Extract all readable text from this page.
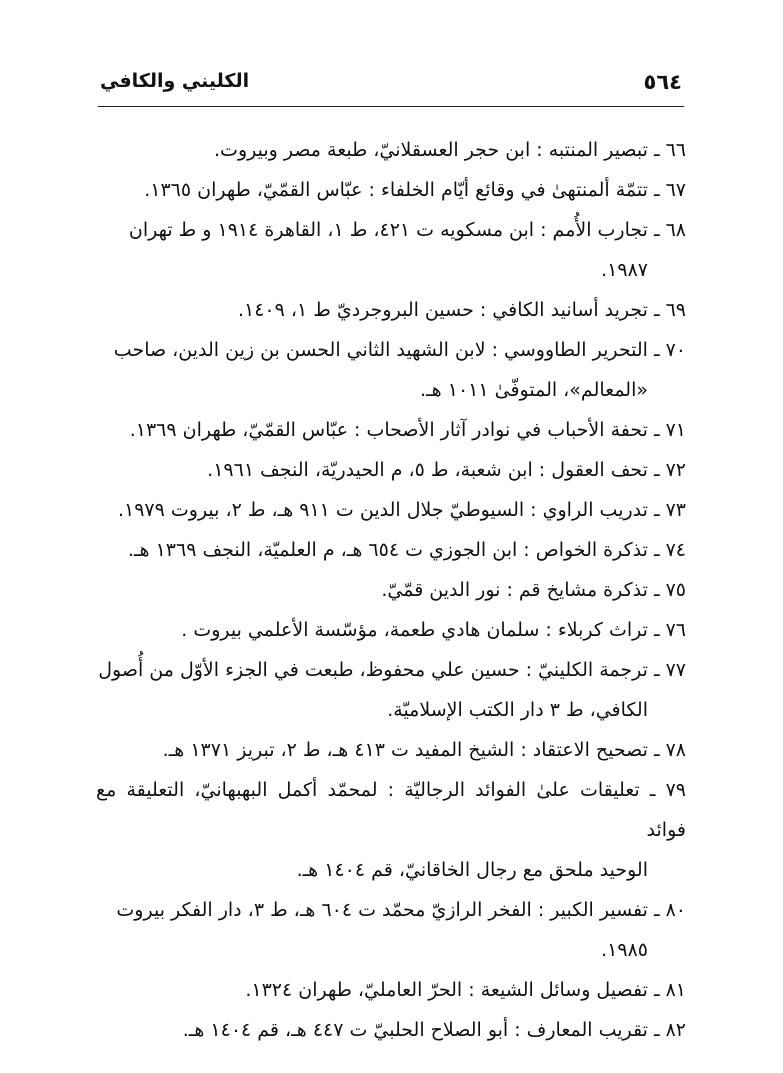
٥٦٤
الكليني والكافي

٦٦ ـ تبصير المنتبه : ابن حجر العسقلانيّ، طبعة مصر وبيروت.

٦٧ ـ تتمّة ألمنتهىٰ في وقائع أيّام الخلفاء : عبّاس القمّيّ، طهران ١٣٦٥.

٦٨ ـ تجارب الأُمم : ابن مسكويه ت ٤٢١، ط ١، القاهرة ١٩١٤ و ط تهران
١٩٨٧.

٦٩ ـ تجريد أسانيد الكافي : حسين البروجرديّ ط ١، ١٤٠٩.

٧٠ ـ التحرير الطاووسي : لابن الشهيد الثاني الحسن بن زين الدين، صاحب
«المعالم»، المتوفّىٰ ١٠١١ هـ.

٧١ ـ تحفة الأحباب في نوادر آثار الأصحاب : عبّاس القمّيّ، طهران ١٣٦٩.

٧٢ ـ تحف العقول : ابن شعبة، ط ٥، م الحيدريّة، النجف ١٩٦١.

٧٣ ـ تدريب الراوي : السيوطيّ جلال الدين ت ٩١١ هـ، ط ٢، بيروت ١٩٧٩.

٧٤ ـ تذكرة الخواص : ابن الجوزي ت ٦٥٤ هـ، م العلميّة، النجف ١٣٦٩ هـ.

٧٥ ـ تذكرة مشايخ قم : نور الدين قمّيّ.

٧٦ ـ تراث كربلاء : سلمان هادي طعمة، مؤسّسة الأعلمي بيروت .

٧٧ ـ ترجمة الكلينيّ : حسين علي محفوظ، طبعت في الجزء الأوّل من أُصول
الكافي، ط ٣ دار الكتب الإسلاميّة.

٧٨ ـ تصحيح الاعتقاد : الشيخ المفيد ت ٤١٣ هـ، ط ٢، تبريز ١٣٧١ هـ.

٧٩ ـ تعليقات علىٰ الفوائد الرجاليّة : لمحمّد أكمل البهبهانيّ، التعليقة مع فوائد
الوحيد ملحق مع رجال الخاقانيّ، قم ١٤٠٤ هـ.

٨٠ ـ تفسير الكبير : الفخر الرازيّ محمّد ت ٦٠٤ هـ، ط ٣، دار الفكر بيروت
١٩٨٥.

٨١ ـ تفصيل وسائل الشيعة : الحرّ العامليّ، طهران ١٣٢٤.

٨٢ ـ تقريب المعارف : أبو الصلاح الحلبيّ ت ٤٤٧ هـ، قم ١٤٠٤ هـ.
